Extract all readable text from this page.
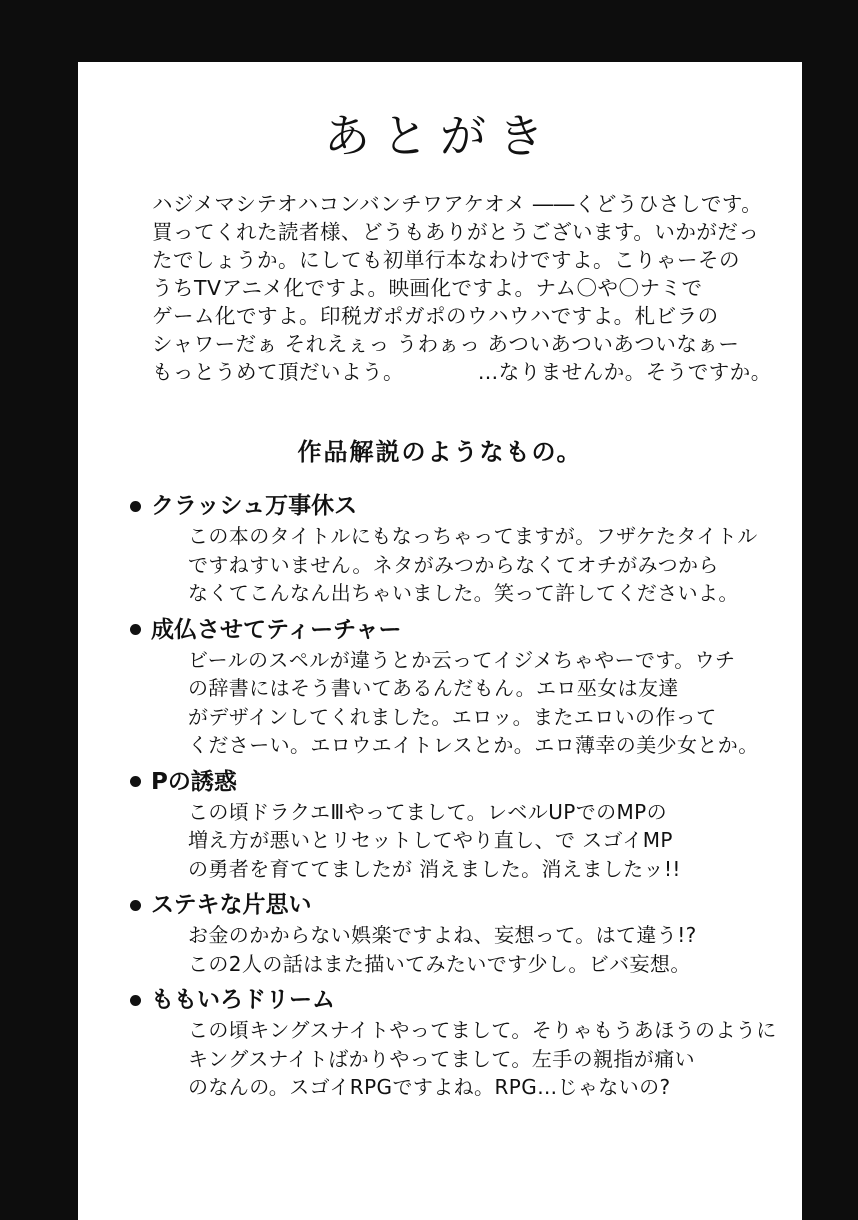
あとがき
ハジメマシテオハコンバンチワアケオメ ――くどうひさしです。
買ってくれた読者様、どうもありがとうございます。いかがだっ
たでしょうか。にしても初単行本なわけですよ。こりゃーその
うちTVアニメ化ですよ。映画化ですよ。ナム〇や〇ナミで
ゲーム化ですよ。印税ガポガポのウハウハですよ。札ビラの
シャワーだぁ それえぇっ うわぁっ あついあついあついなぁー
もっとうめて頂だいよう。　　　　…なりませんか。そうですか。
作品解説のようなもの。
クラッシュ万事休ス
この本のタイトルにもなっちゃってますが。フザケたタイトル
ですねすいません。ネタがみつからなくてオチがみつから
なくてこんなん出ちゃいました。笑って許してくださいよ。
成仏させてティーチャー
ビールのスペルが違うとか云ってイジメちゃやーです。ウチ
の辞書にはそう書いてあるんだもん。エロ巫女は友達
がデザインしてくれました。エロッ。またエロいの作って
くださーい。エロウエイトレスとか。エロ薄幸の美少女とか。
Pの誘惑
この頃ドラクエⅢやってまして。レベルUPでのMPの
増え方が悪いとリセットしてやり直し、で スゴイMP
の勇者を育ててましたが 消えました。消えましたッ!!
ステキな片思い
お金のかからない娯楽ですよね、妄想って。はて違う!?
この2人の話はまた描いてみたいです少し。ビバ妄想。
ももいろドリーム
この頃キングスナイトやってまして。そりゃもうあほうのように
キングスナイトばかりやってまして。左手の親指が痛い
のなんの。スゴイRPGですよね。RPG…じゃないの?
